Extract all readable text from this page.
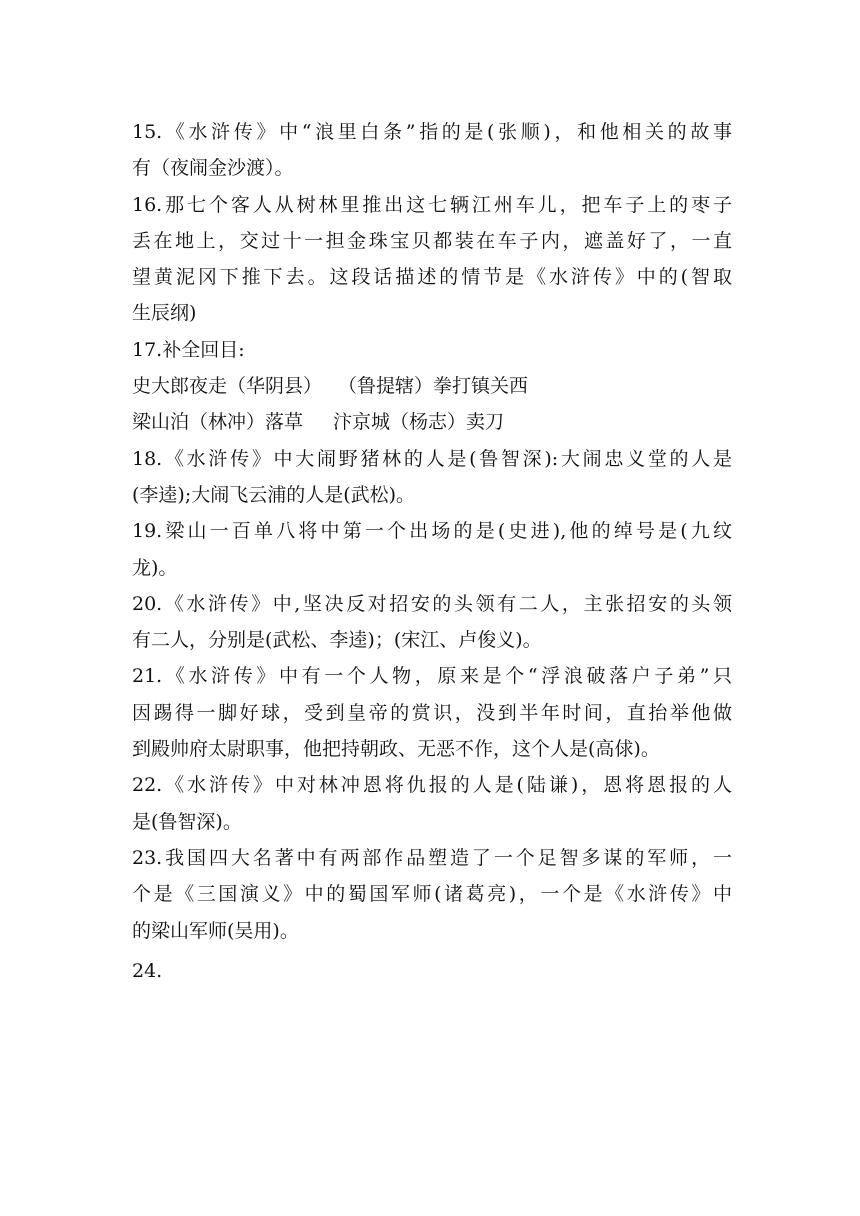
15.《水浒传》中“浪里白条”指的是(张顺)，和他相关的故事
有（夜闹金沙渡）。
16.那七个客人从树林里推出这七辆江州车儿，把车子上的枣子
丢在地上，交过十一担金珠宝贝都装在车子内，遮盖好了，一直
望黄泥冈下推下去。这段话描述的情节是《水浒传》中的(智取
生辰纲)
17.补全回目:
史大郎夜走（华阴县） （鲁提辖）拳打镇关西
梁山泊（林冲）落草 汴京城（杨志）卖刀
18.《水浒传》中大闹野猪林的人是(鲁智深):大闹忠义堂的人是
(李逵);大闹飞云浦的人是(武松)。
19.梁山一百单八将中第一个出场的是(史进),他的绰号是(九纹
龙)。
20.《水浒传》中,坚决反对招安的头领有二人，主张招安的头领
有二人，分别是(武松、李逵)；(宋江、卢俊义)。
21.《水浒传》中有一个人物，原来是个“浮浪破落户子弟”只
因踢得一脚好球，受到皇帝的赏识，没到半年时间，直抬举他做
到殿帅府太尉职事，他把持朝政、无恶不作，这个人是(高俅)。
22.《水浒传》中对林冲恩将仇报的人是(陆谦)，恩将恩报的人
是(鲁智深)。
23.我国四大名著中有两部作品塑造了一个足智多谋的军师，一
个是《三国演义》中的蜀国军师(诸葛亮)，一个是《水浒传》中
的梁山军师(吴用)。
24.
